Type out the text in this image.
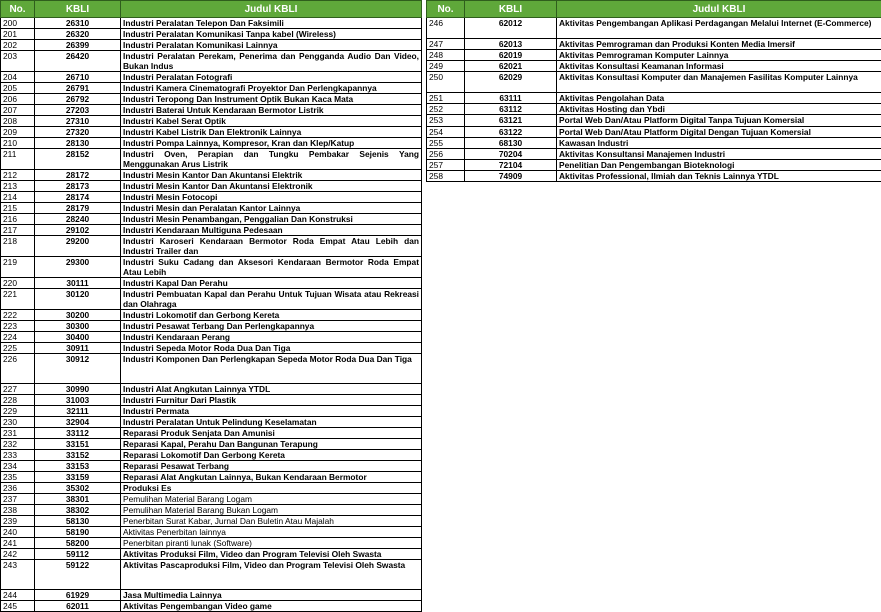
No.	KBLI	Judul KBLI
200	26310	Industri Peralatan Telepon Dan Faksimili
201	26320	Industri Peralatan Komunikasi Tanpa kabel (Wireless)
202	26399	Industri Peralatan Komunikasi Lainnya
203	26420	Industri Peralatan Perekam, Penerima dan Pengganda Audio Dan Video, Bukan Indus
204	26710	Industri Peralatan Fotografi
205	26791	Industri Kamera Cinematografi Proyektor Dan Perlengkapannya
206	26792	Industri Teropong Dan Instrument Optik Bukan Kaca Mata
207	27203	Industri Baterai Untuk Kendaraan Bermotor Listrik
208	27310	Industri Kabel Serat Optik
209	27320	Industri Kabel Listrik Dan Elektronik Lainnya
210	28130	Industri Pompa Lainnya, Kompresor, Kran dan Klep/Katup
211	28152	Industri Oven, Perapian dan Tungku Pembakar Sejenis Yang Menggunakan Arus Listrik
212	28172	Industri Mesin Kantor Dan Akuntansi Elektrik
213	28173	Industri Mesin Kantor Dan Akuntansi Elektronik
214	28174	Industri Mesin Fotocopi
215	28179	Industri Mesin dan Peralatan Kantor Lainnya
216	28240	Industri Mesin Penambangan, Penggalian Dan Konstruksi
217	29102	Industri Kendaraan Multiguna Pedesaan
218	29200	Industri Karoseri Kendaraan Bermotor Roda Empat Atau Lebih dan Industri Trailer dan
219	29300	Industri Suku Cadang dan Aksesori Kendaraan Bermotor Roda Empat Atau Lebih
220	30111	Industri Kapal Dan Perahu
221	30120	Industri Pembuatan Kapal dan Perahu Untuk Tujuan Wisata atau Rekreasi dan Olahraga
222	30200	Industri Lokomotif dan Gerbong Kereta
223	30300	Industri Pesawat Terbang Dan Perlengkapannya
224	30400	Industri Kendaraan Perang
225	30911	Industri Sepeda Motor Roda Dua Dan Tiga
226	30912	Industri Komponen Dan Perlengkapan Sepeda Motor Roda Dua Dan Tiga
227	30990	Industri Alat Angkutan Lainnya YTDL
228	31003	Industri Furnitur Dari Plastik
229	32111	Industri Permata
230	32904	Industri Peralatan Untuk Pelindung Keselamatan
231	33112	Reparasi Produk Senjata Dan Amunisi
232	33151	Reparasi Kapal, Perahu Dan Bangunan Terapung
233	33152	Reparasi Lokomotif Dan Gerbong Kereta
234	33153	Reparasi Pesawat Terbang
235	33159	Reparasi Alat Angkutan Lainnya, Bukan Kendaraan Bermotor
236	35302	Produksi Es
237	38301	Pemulihan Material Barang Logam
238	38302	Pemulihan Material Barang Bukan Logam
239	58130	Penerbitan Surat Kabar, Jurnal Dan Buletin Atau Majalah
240	58190	Aktivitas Penerbitan lainnya
241	58200	Penerbitan piranti lunak (Software)
242	59112	Aktivitas Produksi Film, Video dan Program Televisi Oleh Swasta
243	59122	Aktivitas Pascaproduksi Film, Video dan Program Televisi Oleh Swasta
244	61929	Jasa Multimedia Lainnya
245	62011	Aktivitas Pengembangan Video game
No.	KBLI	Judul KBLI
246	62012	Aktivitas Pengembangan Aplikasi Perdagangan Melalui Internet (E-Commerce)
247	62013	Aktivitas Pemrograman dan Produksi Konten Media Imersif
248	62019	Aktivitas Pemrograman Komputer Lainnya
249	62021	Aktivitas Konsultasi Keamanan Informasi
250	62029	Aktivitas Konsultasi Komputer dan Manajemen Fasilitas Komputer Lainnya
251	63111	Aktivitas Pengolahan Data
252	63112	Aktivitas Hosting dan Ybdi
253	63121	Portal Web Dan/Atau Platform Digital Tanpa Tujuan Komersial
254	63122	Portal Web Dan/Atau Platform Digital Dengan Tujuan Komersial
255	68130	Kawasan Industri
256	70204	Aktivitas Konsultansi Manajemen Industri
257	72104	Penelitian Dan Pengembangan Bioteknologi
258	74909	Aktivitas Professional, Ilmiah dan Teknis Lainnya YTDL
